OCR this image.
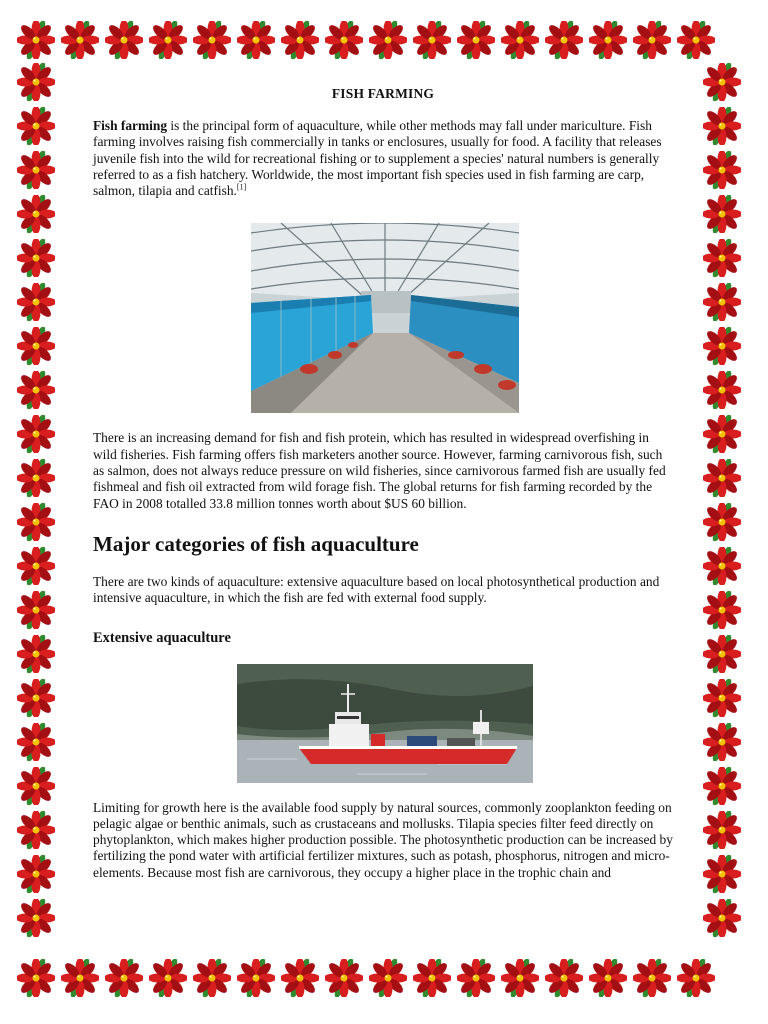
FISH FARMING

Fish farming is the principal form of aquaculture, while other methods may fall under mariculture. Fish farming involves raising fish commercially in tanks or enclosures, usually for food. A facility that releases juvenile fish into the wild for recreational fishing or to supplement a species' natural numbers is generally referred to as a fish hatchery. Worldwide, the most important fish species used in fish farming are carp, salmon, tilapia and catfish.[1]

There is an increasing demand for fish and fish protein, which has resulted in widespread overfishing in wild fisheries. Fish farming offers fish marketers another source. However, farming carnivorous fish, such as salmon, does not always reduce pressure on wild fisheries, since carnivorous farmed fish are usually fed fishmeal and fish oil extracted from wild forage fish. The global returns for fish farming recorded by the FAO in 2008 totalled 33.8 million tonnes worth about $US 60 billion.

Major categories of fish aquaculture

There are two kinds of aquaculture: extensive aquaculture based on local photosynthetical production and intensive aquaculture, in which the fish are fed with external food supply.

Extensive aquaculture

Limiting for growth here is the available food supply by natural sources, commonly zooplankton feeding on pelagic algae or benthic animals, such as crustaceans and mollusks. Tilapia species filter feed directly on phytoplankton, which makes higher production possible. The photosynthetic production can be increased by fertilizing the pond water with artificial fertilizer mixtures, such as potash, phosphorus, nitrogen and micro-elements. Because most fish are carnivorous, they occupy a higher place in the trophic chain and
